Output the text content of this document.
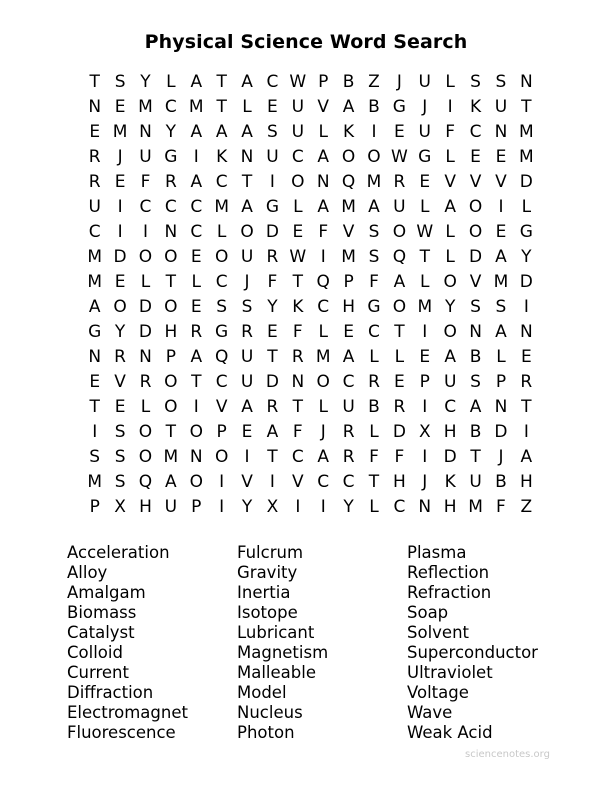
Physical Science Word Search
T S Y L A T A C W P B Z	J U L S S N
N E M C M T L E U V A B G J	I	K U T
E M N Y A A A S U L K	I	E U F C N M
R J U G I	K N U C A O O W G L E E M
R E F R A C T	I O N Q M R E V V V D
U I C C C M A G L A M A U L A O I	L
C I	I N C L O D E F V S O W L O E G
M D O O E O U R W I M S Q T L D A Y
M E L T L C J	F T Q P F A L O V M D
A O D O E S S Y K C H G O M Y S S	I
G Y D H R G R E F L E C T	I O N A N
N R N P A Q U T R M A L L E A B L E
E V R O T C U D N O C R E P U S P R
T E L O I	V A R T L U B R I C A N T
I	S O T O P E A F	J R L D X H B D I
S S O M N O I	T C A R F F	I D T	J	A
M S Q A O I	V	I	V C C T H J	K U B H
P X H U P	I	Y X	I	I	Y L C N H M F Z
Acceleration
Alloy
Amalgam
Biomass
Catalyst
Colloid
Current
Diffraction
Electromagnet
Fluorescence
Fulcrum
Gravity
Inertia
Isotope
Lubricant
Magnetism
Malleable
Model
Nucleus
Photon
Plasma
Reflection
Refraction
Soap
Solvent
Superconductor
Ultraviolet
Voltage
Wave
Weak Acid
sciencenotes.org
